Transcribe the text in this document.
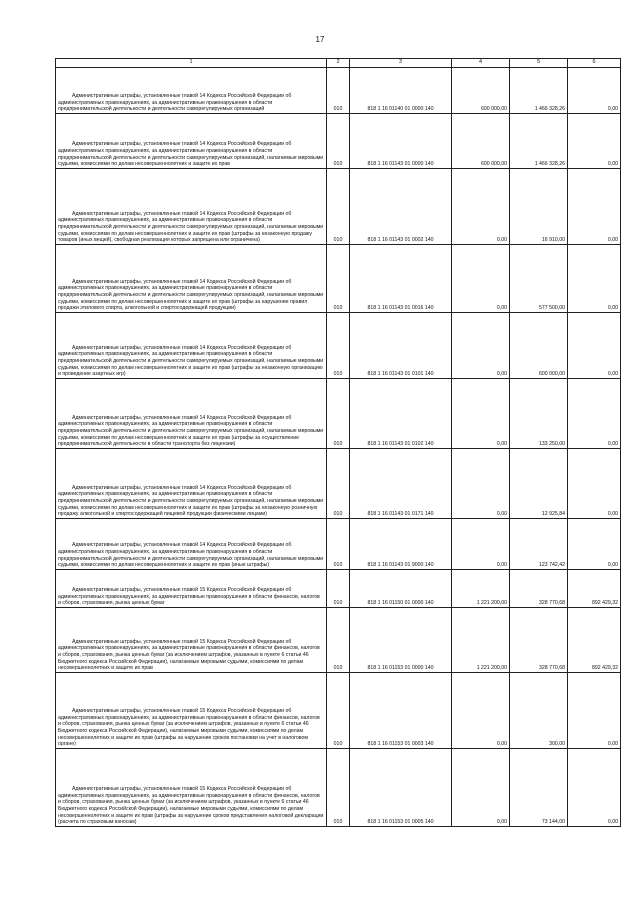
17
1	2	3	4	5	6

Административные штрафы, установленные главой 14 Кодекса Российской Федерации об административных правонарушениях, за административные правонарушения в области предпринимательской деятельности и деятельности саморегулируемых организаций	010	818 1 16 01140 01 0000 140	600 000,00	1 466 328,26	0,00

Административные штрафы, установленные главой 14 Кодекса Российской Федерации об административных правонарушениях, за административные правонарушения в области предпринимательской деятельности и деятельности саморегулируемых организаций, налагаемые мировыми судьями, комиссиями по делам несовершеннолетних и защите их прав	010	818 1 16 01143 01 0000 140	600 000,00	1 466 328,26	0,00

Административные штрафы, установленные главой 14 Кодекса Российской Федерации об административных правонарушениях, за административные правонарушения в области предпринимательской деятельности и деятельности саморегулируемых организаций, налагаемые мировыми судьями, комиссиями по делам несовершеннолетних и защите их прав (штрафы за незаконную продажу товаров (иных вещей), свободная реализация которых запрещена или ограничена)	010	818 1 16 01143 01 0002 140	0,00	16 910,00	0,00

Административные штрафы, установленные главой 14 Кодекса Российской Федерации об административных правонарушениях, за административные правонарушения в области предпринимательской деятельности и деятельности саморегулируемых организаций, налагаемые мировыми судьями, комиссиями по делам несовершеннолетних и защите их прав (штрафы за нарушение правил продажи этилового спирта, алкогольной и спиртосодержащей продукции)	010	818 1 16 01143 01 0016 140	0,00	577 500,00	0,00

Административные штрафы, установленные главой 14 Кодекса Российской Федерации об административных правонарушениях, за административные правонарушения в области предпринимательской деятельности и деятельности саморегулируемых организаций, налагаемые мировыми судьями, комиссиями по делам несовершеннолетних и защите их прав (штрафы за незаконную организацию и проведение азартных игр)	010	818 1 16 01143 01 0101 140	0,00	600 000,00	0,00

Административные штрафы, установленные главой 14 Кодекса Российской Федерации об административных правонарушениях, за административные правонарушения в области предпринимательской деятельности и деятельности саморегулируемых организаций, налагаемые мировыми судьями, комиссиями по делам несовершеннолетних и защите их прав (штрафы за осуществление предпринимательской деятельности в области транспорта без лицензии)	010	818 1 16 01143 01 0102 140	0,00	133 250,00	0,00

Административные штрафы, установленные главой 14 Кодекса Российской Федерации об административных правонарушениях, за административные правонарушения в области предпринимательской деятельности и деятельности саморегулируемых организаций, налагаемые мировыми судьями, комиссиями по делам несовершеннолетних и защите их прав (штрафы за незаконную розничную продажу алкогольной и спиртосодержащей пищевой продукции физическими лицами)	010	818 1 16 01143 01 0171 140	0,00	12 925,84	0,00

Административные штрафы, установленные главой 14 Кодекса Российской Федерации об административных правонарушениях, за административные правонарушения в области предпринимательской деятельности и деятельности саморегулируемых организаций, налагаемые мировыми судьями, комиссиями по делам несовершеннолетних и защите их прав (иные штрафы)	010	818 1 16 01143 01 9000 140	0,00	123 742,42	0,00

Административные штрафы, установленные главой 15 Кодекса Российской Федерации об административных правонарушениях, за административные правонарушения в области финансов, налогов и сборов, страхования, рынка ценных бумаг	010	818 1 16 01150 01 0000 140	1 221 200,00	328 770,68	892 429,32

Административные штрафы, установленные главой 15 Кодекса Российской Федерации об административных правонарушениях, за административные правонарушения в области финансов, налогов и сборов, страхования, рынка ценных бумаг (за исключением штрафов, указанных в пункте 6 статьи 46 Бюджетного кодекса Российской Федерации), налагаемые мировыми судьями, комиссиями по делам несовершеннолетних и защите их прав	010	818 1 16 01153 01 0000 140	1 221 200,00	328 770,68	892 429,32

Административные штрафы, установленные главой 15 Кодекса Российской Федерации об административных правонарушениях, за административные правонарушения в области финансов, налогов и сборов, страхования, рынка ценных бумаг (за исключением штрафов, указанных в пункте 6 статьи 46 Бюджетного кодекса Российской Федерации), налагаемые мировыми судьями, комиссиями по делам несовершеннолетних и защите их прав (штрафы за нарушение сроков постановки на учет в налоговом органе)	010	818 1 16 01153 01 0003 140	0,00	300,00	0,00

Административные штрафы, установленные главой 15 Кодекса Российской Федерации об административных правонарушениях, за административные правонарушения в области финансов, налогов и сборов, страхования, рынка ценных бумаг (за исключением штрафов, указанных в пункте 6 статьи 46 Бюджетного кодекса Российской Федерации), налагаемые мировыми судьями, комиссиями по делам несовершеннолетних и защите их прав (штрафы за нарушение сроков представления налоговой декларации (расчета по страховым взносам)	010	818 1 16 01153 01 0005 140	0,00	73 144,00	0,00
